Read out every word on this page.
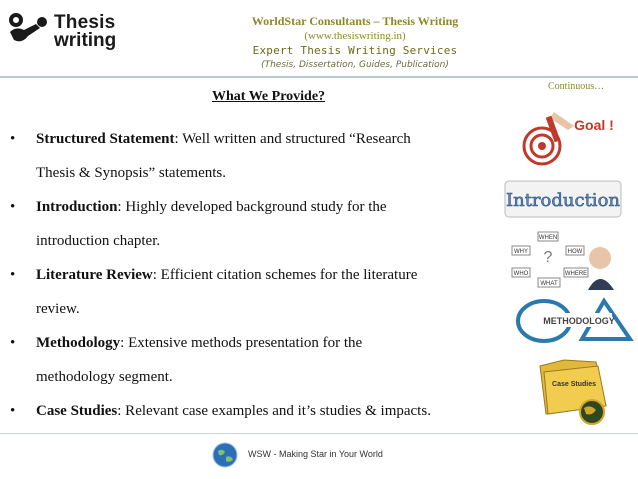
Thesis
writing
WorldStar Consultants – Thesis Writing
(www.thesiswriting.in)
Expert Thesis Writing Services
(Thesis, Dissertation, Guides, Publication)
Continuous…
What We Provide?
• Structured Statement: Well written and structured “Research
Thesis & Synopsis” statements.
• Introduction: Highly developed background study for the
introduction chapter.
• Literature Review: Efficient citation schemes for the literature
review.
• Methodology: Extensive methods presentation for the
methodology segment.
• Case Studies: Relevant case examples and it’s studies & impacts.
Goal !
Introduction
?
WHEN
WHY	HOW
WHO
WHAT
WHERE
METHODOLOGY
Case Studies
WSW - Making Star in Your World
